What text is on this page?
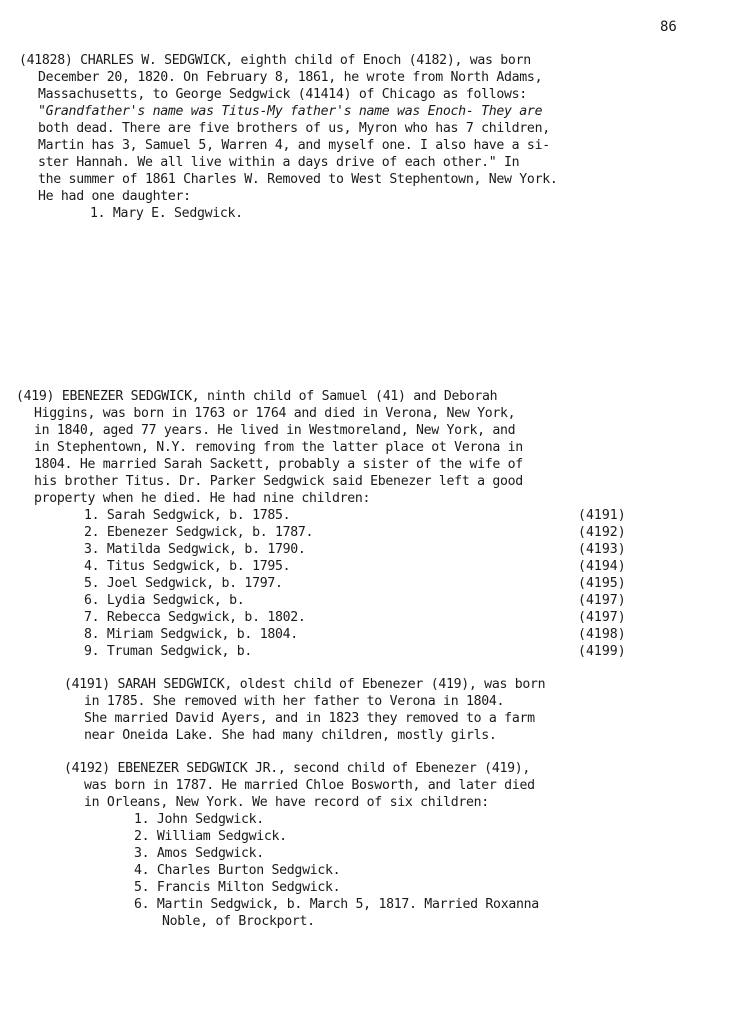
86
(41828) CHARLES W. SEDGWICK, eighth child of Enoch (4182), was born
December 20, 1820. On February 8, 1861, he wrote from North Adams,
Massachusetts, to George Sedgwick (41414) of Chicago as follows:
"Grandfather's name was Titus-My father's name was Enoch- They are
both dead. There are five brothers of us, Myron who has 7 children,
Martin has 3, Samuel 5, Warren 4, and myself one. I also have a si-
ster Hannah. We all live within a days drive of each other." In
the summer of 1861 Charles W. Removed to West Stephentown, New York.
He had one daughter:
1. Mary E. Sedgwick.
(419) EBENEZER SEDGWICK, ninth child of Samuel (41) and Deborah
Higgins, was born in 1763 or 1764 and died in Verona, New York,
in 1840, aged 77 years. He lived in Westmoreland, New York, and
in Stephentown, N.Y. removing from the latter place ot Verona in
1804. He married Sarah Sackett, probably a sister of the wife of
his brother Titus. Dr. Parker Sedgwick said Ebenezer left a good
property when he died. He had nine children:
1. Sarah Sedgwick, b. 1785.	(4191)
2. Ebenezer Sedgwick, b. 1787.	(4192)
3. Matilda Sedgwick, b. 1790.	(4193)
4. Titus Sedgwick, b. 1795.	(4194)
5. Joel Sedgwick, b. 1797.	(4195)
6. Lydia Sedgwick, b.	(4197)
7. Rebecca Sedgwick, b. 1802.	(4197)
8. Miriam Sedgwick, b. 1804.	(4198)
9. Truman Sedgwick, b.	(4199)
(4191) SARAH SEDGWICK, oldest child of Ebenezer (419), was born
in 1785. She removed with her father to Verona in 1804.
She married David Ayers, and in 1823 they removed to a farm
near Oneida Lake. She had many children, mostly girls.
(4192) EBENEZER SEDGWICK JR., second child of Ebenezer (419),
was born in 1787. He married Chloe Bosworth, and later died
in Orleans, New York. We have record of six children:
1. John Sedgwick.
2. William Sedgwick.
3. Amos Sedgwick.
4. Charles Burton Sedgwick.
5. Francis Milton Sedgwick.
6. Martin Sedgwick, b. March 5, 1817. Married Roxanna
Noble, of Brockport.
